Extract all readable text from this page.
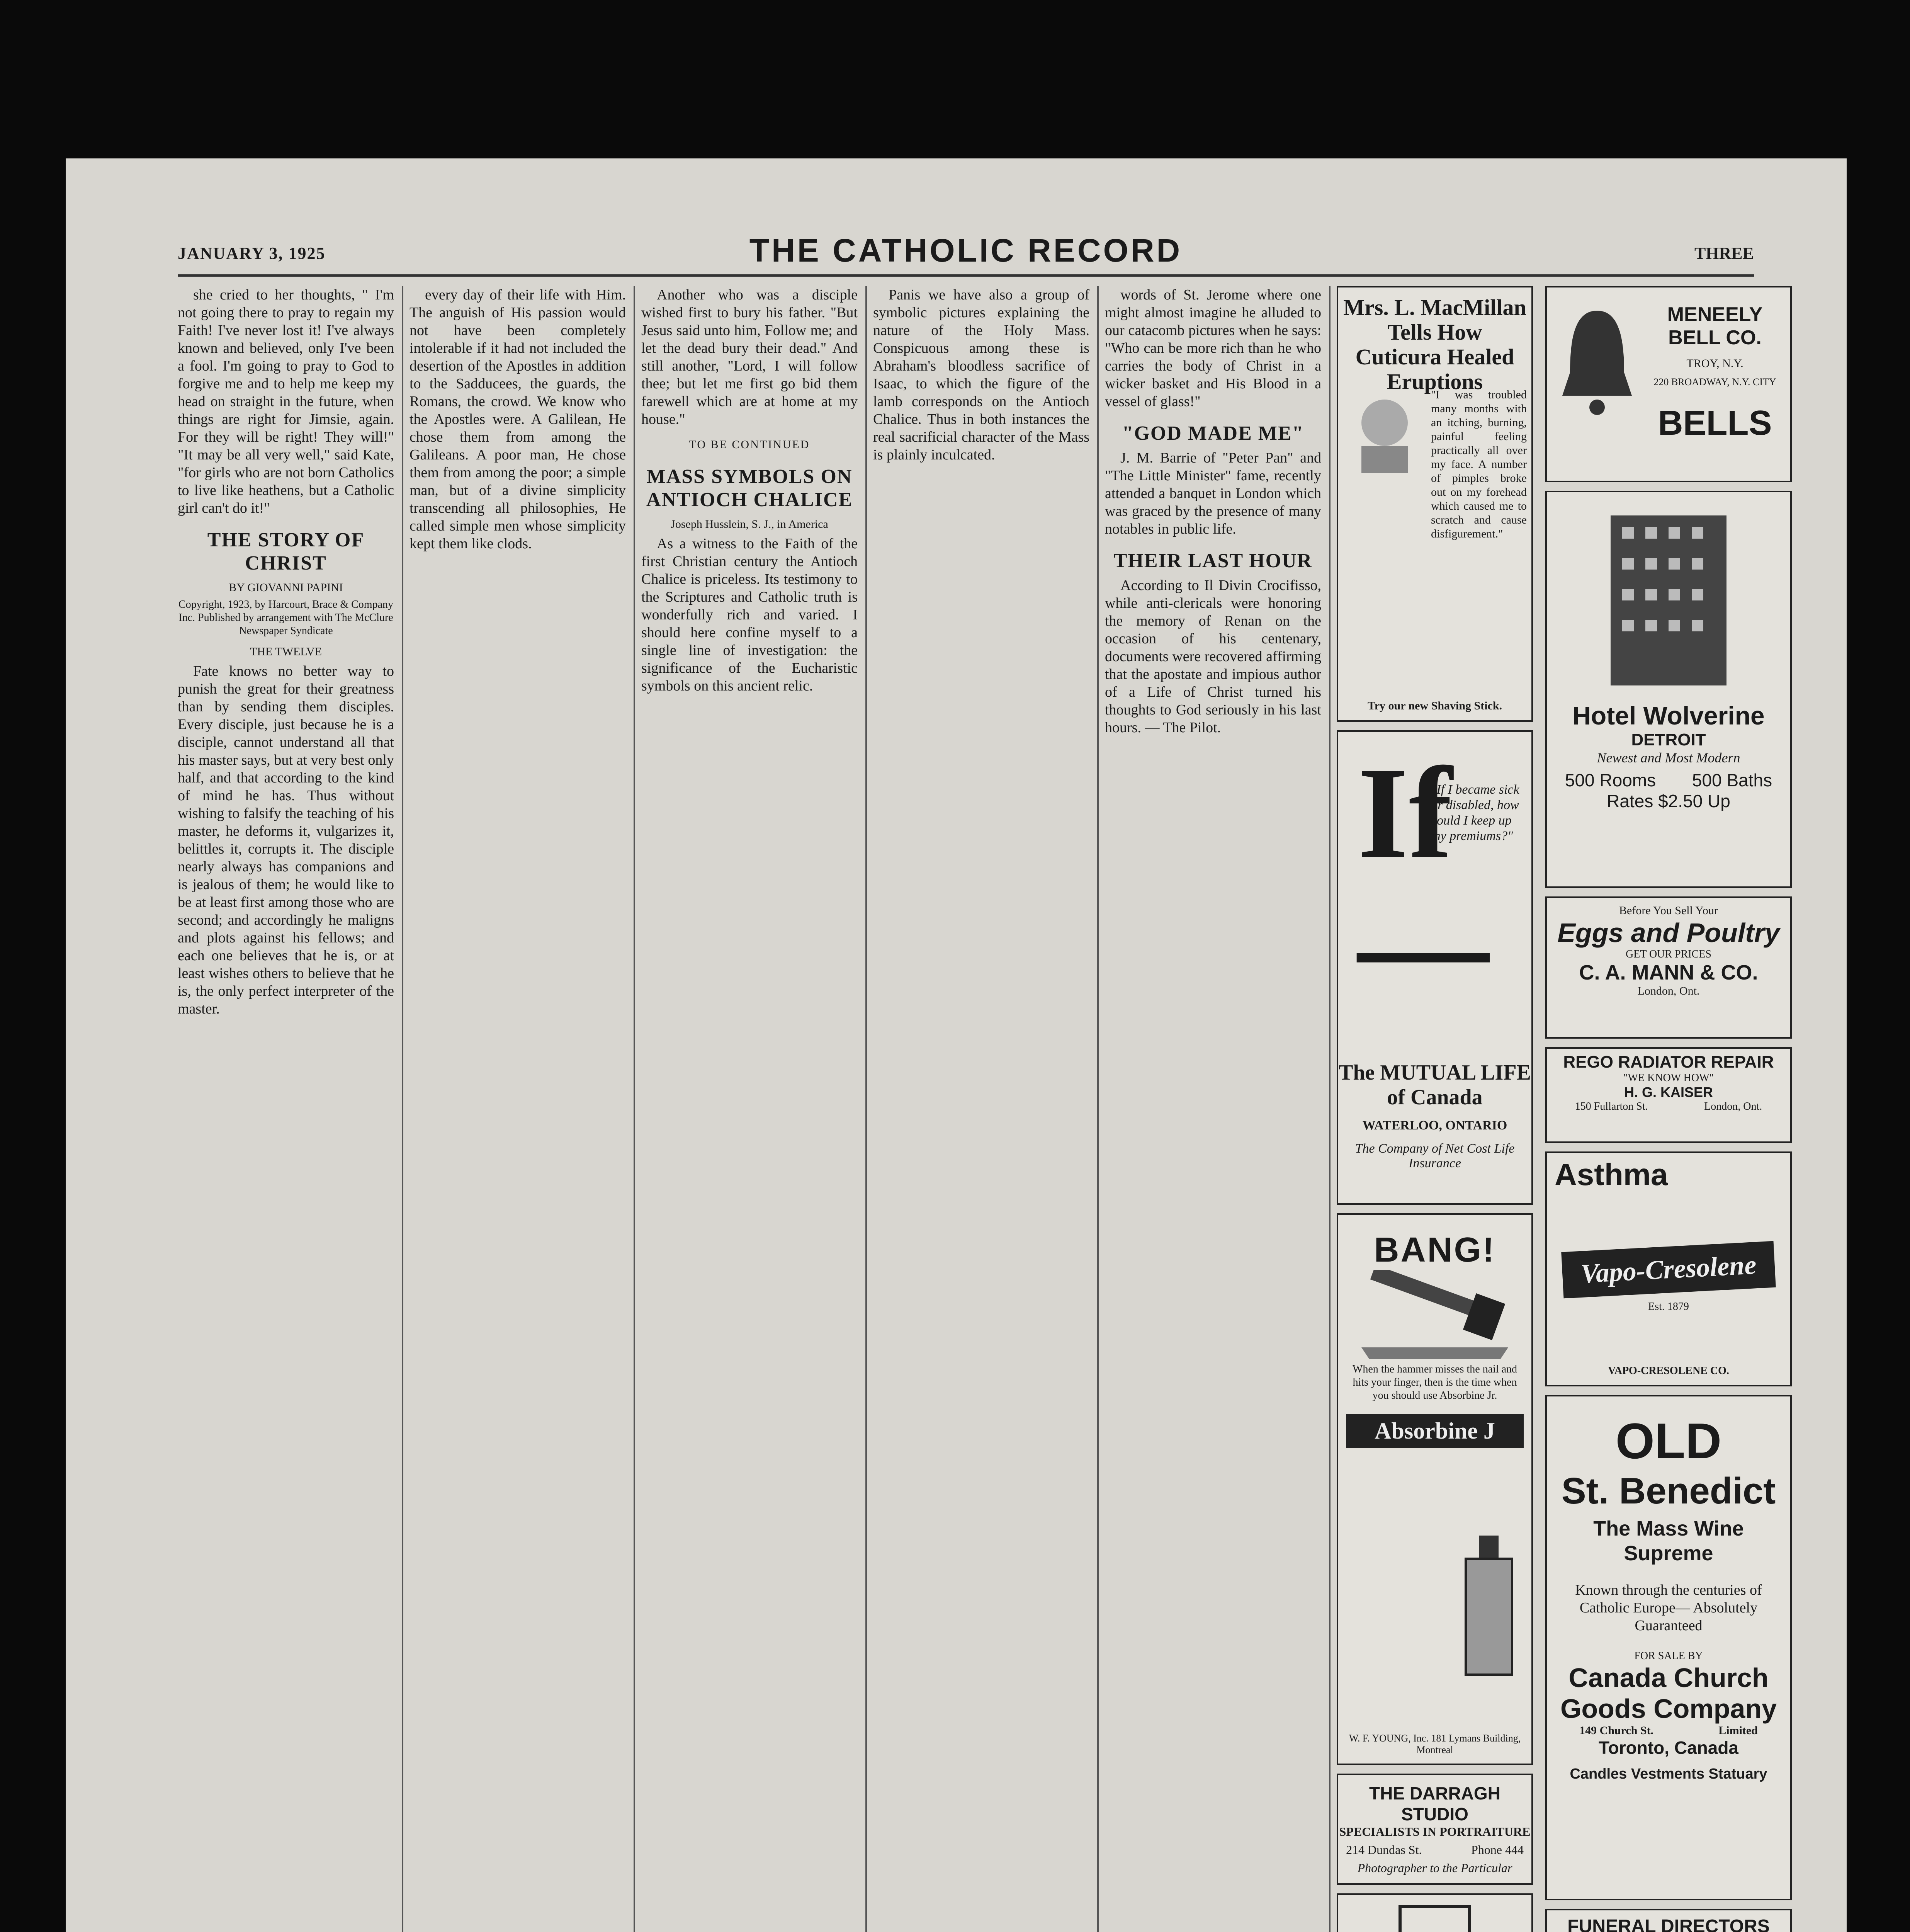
JANUARY 3, 1925	THE CATHOLIC RECORD	THREE

she cried to her thoughts, " I'm not going there to pray to regain my Faith! I've never lost it! I've always known and believed, only I've been a fool. I'm going to pray to God to forgive me and to help me keep my head on straight in the future, when things are right for Jimsie, again. For they will be right! They will!" "It may be all very well," said Kate, "for girls who are not born Catholics to live like heathens, but a Catholic girl can't do it!"

THE STORY OF CHRIST
BY GIOVANNI PAPINI
Copyright, 1923, by Harcourt, Brace & Company Inc. Published by arrangement with The McClure Newspaper Syndicate
THE TWELVE

Fate knows no better way to punish the great for their greatness than by sending them disciples. Every disciple, just because he is a disciple, cannot understand all that his master says, but at very best only half, and that according to the kind of mind he has. Thus without wishing to falsify the teaching of his master, he deforms it, vulgarizes it, belittles it, corrupts it. The disciple nearly always has companions and is jealous of them; he would like to be at least first among those who are second; and accordingly he maligns and plots against his fellows; and each one believes that he is, or at least wishes others to believe that he is, the only perfect interpreter of the master.

every day of their life with Him. The anguish of His passion would not have been completely intolerable if it had not included the desertion of the Apostles in addition to the Sadducees, the guards, the Romans, the crowd. We know who the Apostles were. A Galilean, He chose them from among the Galileans. A poor man, He chose them from among the poor; a simple man, but of a divine simplicity transcending all philosophies, He called simple men whose simplicity kept them like clods.

Another who was a disciple wished first to bury his father. "But Jesus said unto him, Follow me; and let the dead bury their dead." And still another, "Lord, I will follow thee; but let me first go bid them farewell which are at home at my house."

TO BE CONTINUED
MASS SYMBOLS ON ANTIOCH CHALICE
Joseph Husslein, S. J., in America

As a witness to the Faith of the first Christian century the Antioch Chalice is priceless. Its testimony to the Scriptures and Catholic truth is wonderfully rich and varied. I should here confine myself to a single line of investigation: the significance of the Eucharistic symbols on this ancient relic.

Panis we have also a group of symbolic pictures explaining the nature of the Holy Mass. Conspicuous among these is Abraham's bloodless sacrifice of Isaac, to which the figure of the lamb corresponds on the Antioch Chalice. Thus in both instances the real sacrificial character of the Mass is plainly inculcated.

words of St. Jerome where one might almost imagine he alluded to our catacomb pictures when he says: "Who can be more rich than he who carries the body of Christ in a wicker basket and His Blood in a vessel of glass!"

"GOD MADE ME"

J. M. Barrie of "Peter Pan" and "The Little Minister" fame, recently attended a banquet in London which was graced by the presence of many notables in public life.

THEIR LAST HOUR

According to Il Divin Crocifisso, while anti-clericals were honoring the memory of Renan on the occasion of his centenary, documents were recovered affirming that the apostate and impious author of a Life of Christ turned his thoughts to God seriously in his last hours. — The Pilot.

Mrs. L. MacMillan Tells How Cuticura Healed Eruptions
"I was troubled many months with an itching, burning, painful feeling practically all over my face. A number of pimples broke out on my forehead which caused me to scratch and cause disfigurement."
Try our new Shaving Stick.
If—
"If I became sick or disabled, how could I keep up my premiums?"
The MUTUAL LIFE of Canada
WATERLOO, ONTARIO
The Company of Net Cost Life Insurance
BANG!
When the hammer misses the nail and hits your finger, then is the time when you should use Absorbine Jr.
Absorbine J
W. F. YOUNG, Inc. 181 Lymans Building, Montreal
THE DARRAGH STUDIO
SPECIALISTS IN PORTRAITURE
214 Dundas St.	Phone 444
Photographer to the Particular
MENEELY BELL CO.
TROY, N.Y.
220 BROADWAY, N.Y. CITY
BELLS
Hotel Wolverine
DETROIT
Newest and Most Modern
500 Rooms 500 Baths
Rates $2.50 Up
Before You Sell Your
Eggs and Poultry
GET OUR PRICES
C. A. MANN & CO.
London, Ont.
REGO RADIATOR REPAIR
"WE KNOW HOW"
H. G. KAISER
150 Fullarton St.	London, Ont.
Asthma
Vapo-Cresolene
Est. 1879
VAPO-CRESOLENE CO.
OLD
St. Benedict
The Mass Wine Supreme
Known through the centuries of Catholic Europe— Absolutely Guaranteed
FOR SALE BY
Canada Church Goods Company
149 Church St.	Limited
Toronto, Canada
Candles Vestments Statuary
FUNERAL DIRECTORS
